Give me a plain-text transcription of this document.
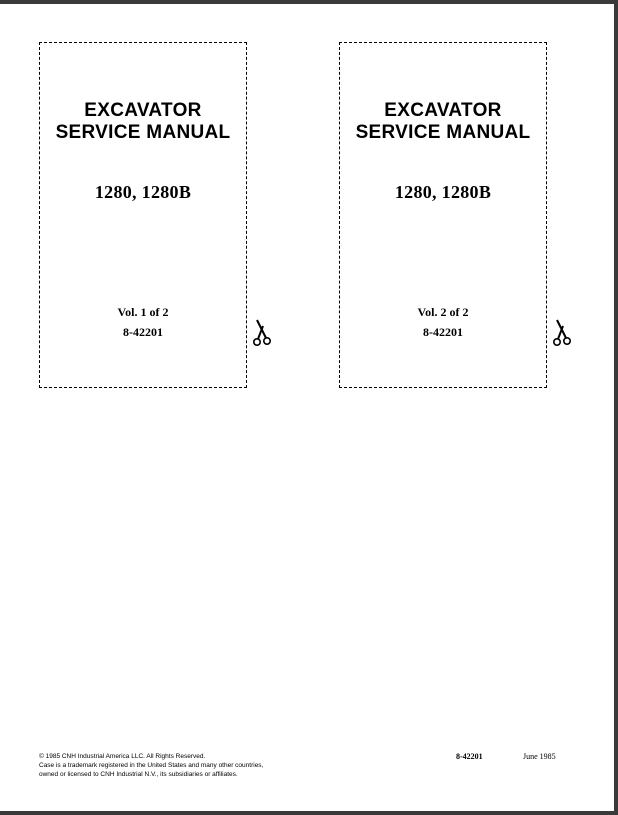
EXCAVATOR
SERVICE MANUAL
1280, 1280B
Vol. 1 of 2
8-42201
EXCAVATOR
SERVICE MANUAL
1280, 1280B
Vol. 2 of 2
8-42201
© 1985 CNH Industrial America LLC. All Rights Reserved.
Case is a trademark registered in the United States and many other countries,
owned or licensed to CNH Industrial N.V., its subsidiaries or affiliates.
8-42201	June 1985
